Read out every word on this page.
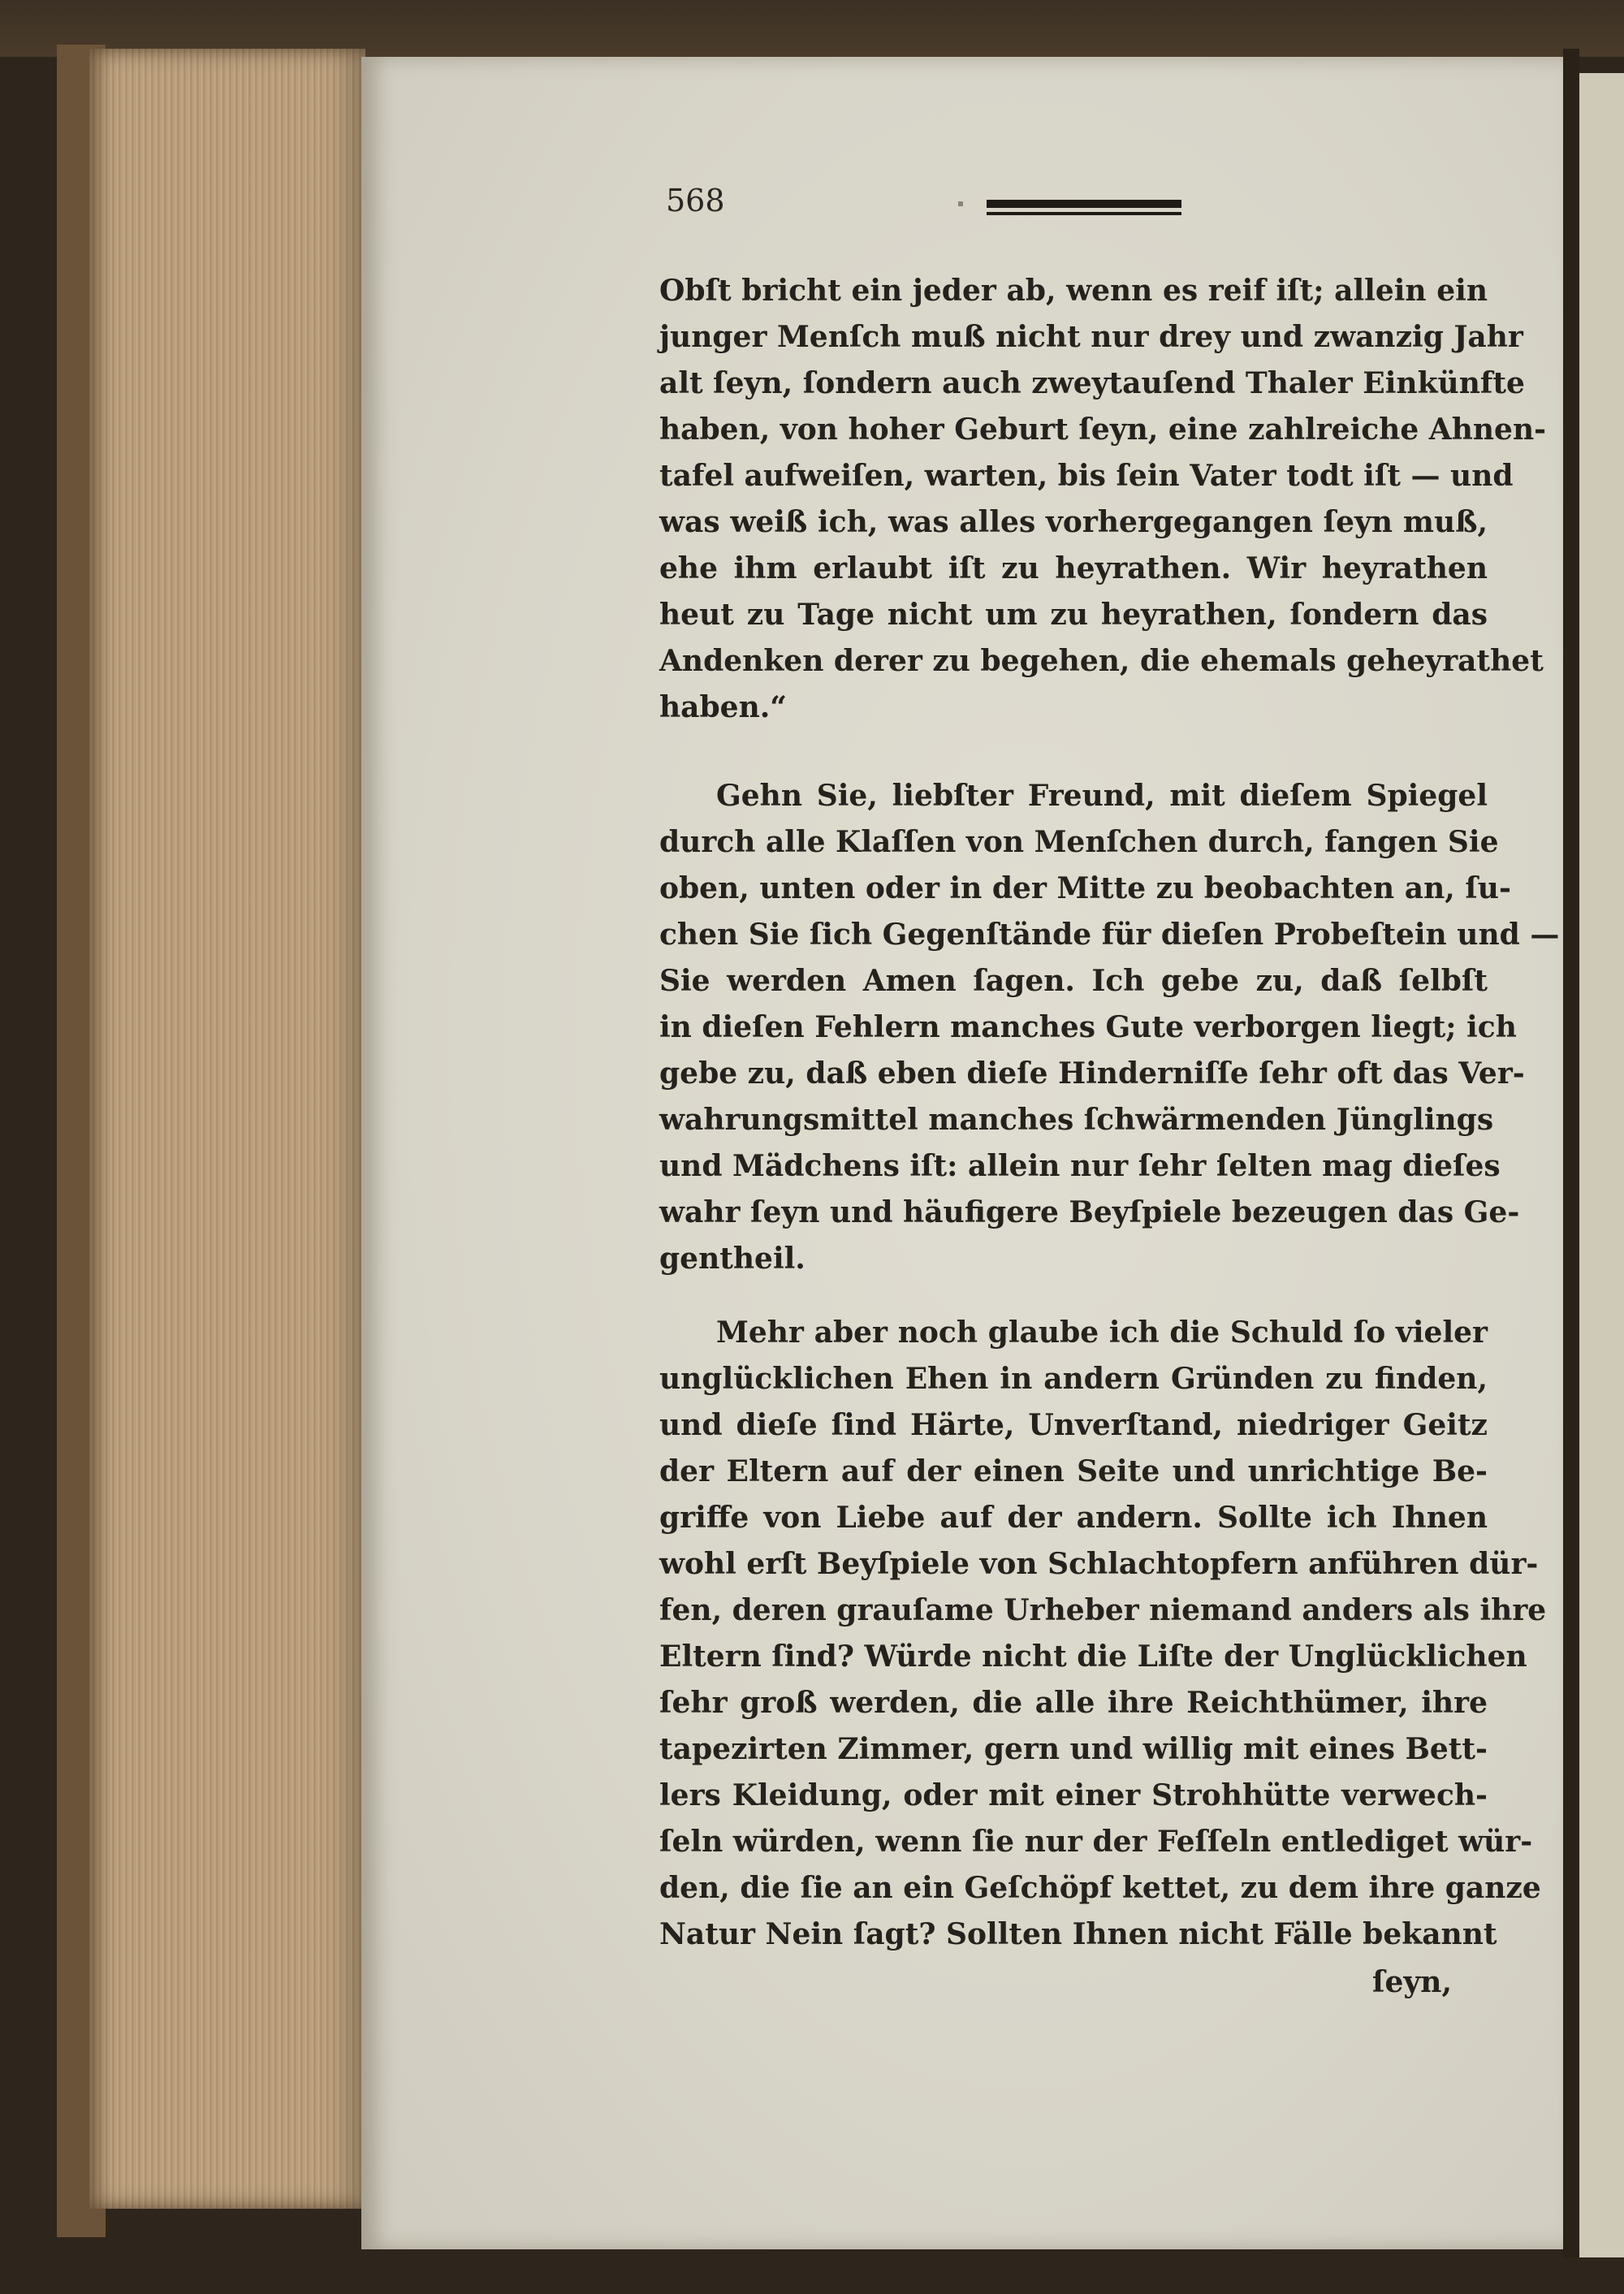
568
Obſt bricht ein jeder ab, wenn es reif iſt; allein ein
junger Menſch muß nicht nur drey und zwanzig Jahr
alt ſeyn, ſondern auch zweytauſend Thaler Einkünfte
haben, von hoher Geburt ſeyn, eine zahlreiche Ahnen-
tafel aufweiſen, warten, bis ſein Vater todt iſt — und
was weiß ich, was alles vorhergegangen ſeyn muß,
ehe ihm erlaubt iſt zu heyrathen. Wir heyrathen
heut zu Tage nicht um zu heyrathen, ſondern das
Andenken derer zu begehen, die ehemals geheyrathet
haben.“
Gehn Sie, liebſter Freund, mit dieſem Spiegel
durch alle Klaſſen von Menſchen durch, fangen Sie
oben, unten oder in der Mitte zu beobachten an, ſu-
chen Sie ſich Gegenſtände für dieſen Probeſtein und —
Sie werden Amen ſagen. Ich gebe zu, daß ſelbſt
in dieſen Fehlern manches Gute verborgen liegt; ich
gebe zu, daß eben dieſe Hinderniſſe ſehr oft das Ver-
wahrungsmittel manches ſchwärmenden Jünglings
und Mädchens iſt: allein nur ſehr ſelten mag dieſes
wahr ſeyn und häufigere Beyſpiele bezeugen das Ge-
gentheil.
Mehr aber noch glaube ich die Schuld ſo vieler
unglücklichen Ehen in andern Gründen zu finden,
und dieſe ſind Härte, Unverſtand, niedriger Geitz
der Eltern auf der einen Seite und unrichtige Be-
griffe von Liebe auf der andern. Sollte ich Ihnen
wohl erſt Beyſpiele von Schlachtopfern anführen dür-
fen, deren grauſame Urheber niemand anders als ihre
Eltern ſind? Würde nicht die Liſte der Unglücklichen
ſehr groß werden, die alle ihre Reichthümer, ihre
tapezirten Zimmer, gern und willig mit eines Bett-
lers Kleidung, oder mit einer Strohhütte verwech-
ſeln würden, wenn ſie nur der Feſſeln entlediget wür-
den, die ſie an ein Geſchöpf kettet, zu dem ihre ganze
Natur Nein ſagt? Sollten Ihnen nicht Fälle bekannt
ſeyn,
